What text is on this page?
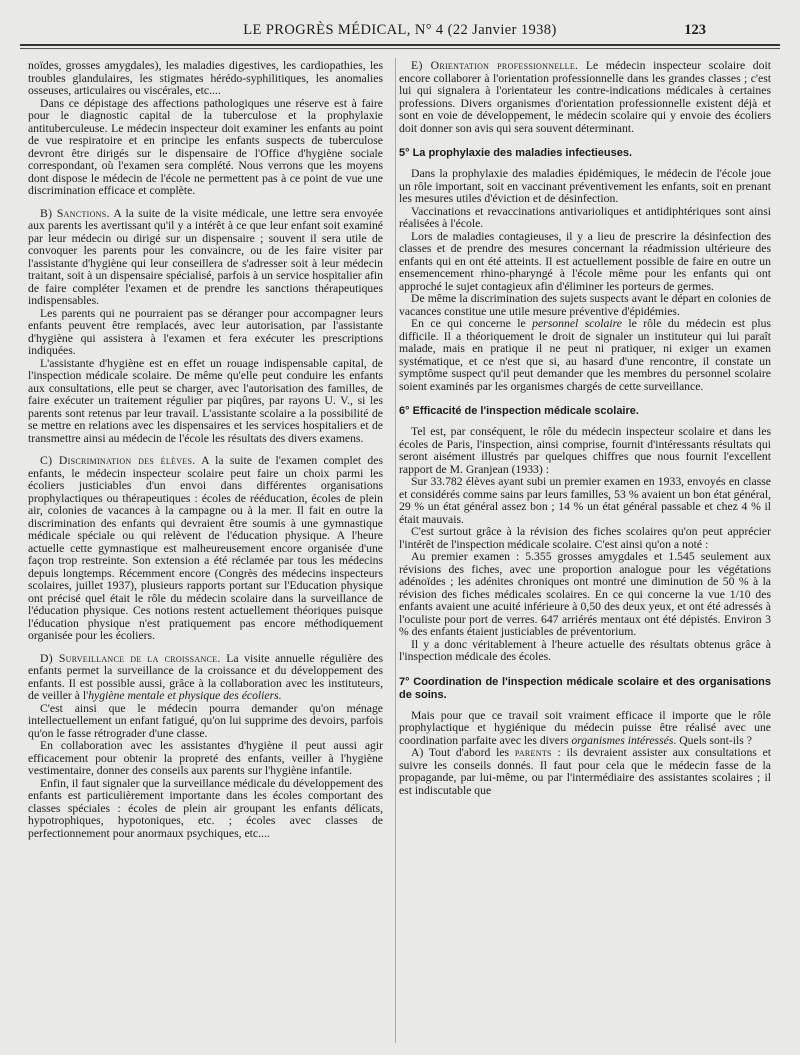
LE PROGRÈS MÉDICAL, N° 4 (22 Janvier 1938)	123

noïdes, grosses amygdales), les maladies digestives, les cardiopathies, les troubles glandulaires, les stigmates hérédo-syphilitiques, les anomalies osseuses, articulaires ou viscérales, etc....

Dans ce dépistage des affections pathologiques une réserve est à faire pour le diagnostic capital de la tuberculose et la prophylaxie antituberculeuse. Le médecin inspecteur doit examiner les enfants au point de vue respiratoire et en principe les enfants suspects de tuberculose devront être dirigés sur le dispensaire de l'Office d'hygiène sociale correspondant, où l'examen sera complété. Nous verrons que les moyens dont dispose le médecin de l'école ne permettent pas à ce point de vue une discrimination efficace et complète.

B) Sanctions. A la suite de la visite médicale, une lettre sera envoyée aux parents les avertissant qu'il y a intérêt à ce que leur enfant soit examiné par leur médecin ou dirigé sur un dispensaire ; souvent il sera utile de convoquer les parents pour les convaincre, ou de les faire visiter par l'assistante d'hygiène qui leur conseillera de s'adresser soit à leur médecin traitant, soit à un dispensaire spécialisé, parfois à un service hospitalier afin de faire compléter l'examen et de prendre les sanctions thérapeutiques indispensables.

Les parents qui ne pourraient pas se déranger pour accompagner leurs enfants peuvent être remplacés, avec leur autorisation, par l'assistante d'hygiène qui assistera à l'examen et fera exécuter les prescriptions indiquées.

L'assistante d'hygiène est en effet un rouage indispensable capital, de l'inspection médicale scolaire. De même qu'elle peut conduire les enfants aux consultations, elle peut se charger, avec l'autorisation des familles, de faire exécuter un traitement régulier par piqûres, par rayons U. V., si les parents sont retenus par leur travail. L'assistante scolaire a la possibilité de se mettre en relations avec les dispensaires et les services hospitaliers et de transmettre ainsi au médecin de l'école les résultats des divers examens.

C) Discrimination des élèves. A la suite de l'examen complet des enfants, le médecin inspecteur scolaire peut faire un choix parmi les écoliers justiciables d'un envoi dans différentes organisations prophylactiques ou thérapeutiques : écoles de rééducation, écoles de plein air, colonies de vacances à la campagne ou à la mer. Il fait en outre la discrimination des enfants qui devraient être soumis à une gymnastique médicale spéciale ou qui relèvent de l'éducation physique. A l'heure actuelle cette gymnastique est malheureusement encore organisée d'une façon trop restreinte. Son extension a été réclamée par tous les médecins depuis longtemps. Récemment encore (Congrès des médecins inspecteurs scolaires, juillet 1937), plusieurs rapports portant sur l'Education physique ont précisé quel était le rôle du médecin scolaire dans la surveillance de l'éducation physique. Ces notions restent actuellement théoriques puisque l'éducation physique n'est pratiquement pas encore méthodiquement organisée pour les écoliers.

D) Surveillance de la croissance. La visite annuelle régulière des enfants permet la surveillance de la croissance et du développement des enfants. Il est possible aussi, grâce à la collaboration avec les instituteurs, de veiller à l'hygiène mentale et physique des écoliers.

C'est ainsi que le médecin pourra demander qu'on ménage intellectuellement un enfant fatigué, qu'on lui supprime des devoirs, parfois qu'on le fasse rétrograder d'une classe.

En collaboration avec les assistantes d'hygiène il peut aussi agir efficacement pour obtenir la propreté des enfants, veiller à l'hygiène vestimentaire, donner des conseils aux parents sur l'hygiène infantile.

Enfin, il faut signaler que la surveillance médicale du développement des enfants est particulièrement importante dans les écoles comportant des classes spéciales : écoles de plein air groupant les enfants délicats, hypotrophiques, hypotoniques, etc. ; écoles avec classes de perfectionnement pour anormaux psychiques, etc....

E) Orientation professionnelle. Le médecin inspecteur scolaire doit encore collaborer à l'orientation professionnelle dans les grandes classes ; c'est lui qui signalera à l'orientateur les contre-indications médicales à certaines professions. Divers organismes d'orientation professionnelle existent déjà et sont en voie de développement, le médecin scolaire qui y envoie des écoliers doit donner son avis qui sera souvent déterminant.

5° La prophylaxie des maladies infectieuses.

Dans la prophylaxie des maladies épidémiques, le médecin de l'école joue un rôle important, soit en vaccinant préventivement les enfants, soit en prenant les mesures utiles d'éviction et de désinfection.

Vaccinations et revaccinations antivarioliques et antidiphtériques sont ainsi réalisées à l'école.

Lors de maladies contagieuses, il y a lieu de prescrire la désinfection des classes et de prendre des mesures concernant la réadmission ultérieure des enfants qui en ont été atteints. Il est actuellement possible de faire en outre un ensemencement rhino-pharyngé à l'école même pour les enfants qui ont approché le sujet contagieux afin d'éliminer les porteurs de germes.

De même la discrimination des sujets suspects avant le départ en colonies de vacances constitue une utile mesure préventive d'épidémies.

En ce qui concerne le personnel scolaire le rôle du médecin est plus difficile. Il a théoriquement le droit de signaler un instituteur qui lui paraît malade, mais en pratique il ne peut ni pratiquer, ni exiger un examen systématique, et ce n'est que si, au hasard d'une rencontre, il constate un symptôme suspect qu'il peut demander que les membres du personnel scolaire soient examinés par les organismes chargés de cette surveillance.

6° Efficacité de l'inspection médicale scolaire.

Tel est, par conséquent, le rôle du médecin inspecteur scolaire et dans les écoles de Paris, l'inspection, ainsi comprise, fournit d'intéressants résultats qui seront aisément illustrés par quelques chiffres que nous fournit l'excellent rapport de M. Granjean (1933) :

Sur 33.782 élèves ayant subi un premier examen en 1933, envoyés en classe et considérés comme sains par leurs familles, 53 % avaient un bon état général, 29 % un état général assez bon ; 14 % un état général passable et chez 4 % il était mauvais.

C'est surtout grâce à la révision des fiches scolaires qu'on peut apprécier l'intérêt de l'inspection médicale scolaire. C'est ainsi qu'on a noté :

Au premier examen : 5.355 grosses amygdales et 1.545 seulement aux révisions des fiches, avec une proportion analogue pour les végétations adénoïdes ; les adénites chroniques ont montré une diminution de 50 % à la révision des fiches médicales scolaires. En ce qui concerne la vue 1/10 des enfants avaient une acuité inférieure à 0,50 des deux yeux, et ont été adressés à l'oculiste pour port de verres. 647 arriérés mentaux ont été dépistés. Environ 3 % des enfants étaient justiciables de préventorium.

Il y a donc véritablement à l'heure actuelle des résultats obtenus grâce à l'inspection médicale des écoles.

7° Coordination de l'inspection médicale scolaire et des organisations de soins.

Mais pour que ce travail soit vraiment efficace il importe que le rôle prophylactique et hygiénique du médecin puisse être réalisé avec une coordination parfaite avec les divers organismes intéressés. Quels sont-ils ?

A) Tout d'abord les parents : ils devraient assister aux consultations et suivre les conseils donnés. Il faut pour cela que le médecin fasse de la propagande, par lui-même, ou par l'intermédiaire des assistantes scolaires ; il est indiscutable que
